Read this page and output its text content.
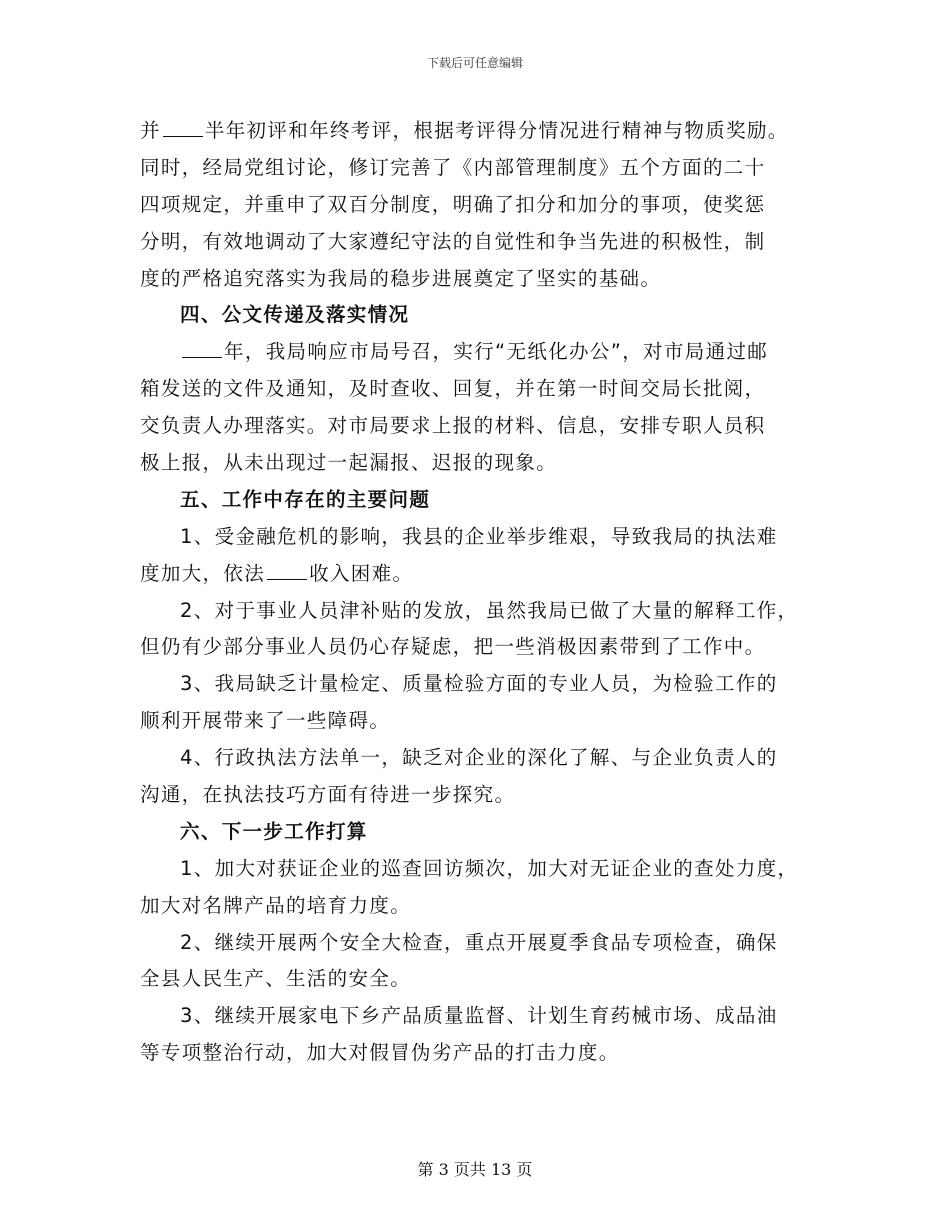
下载后可任意编辑
并 半年初评和年终考评，根据考评得分情况进行精神与物质奖励。
同时，经局党组讨论，修订完善了《内部管理制度》五个方面的二十
四项规定，并重申了双百分制度，明确了扣分和加分的事项，使奖惩
分明，有效地调动了大家遵纪守法的自觉性和争当先进的积极性，制
度的严格追究落实为我局的稳步进展奠定了坚实的基础。
四、公文传递及落实情况
年，我局响应市局号召，实行“无纸化办公”，对市局通过邮
箱发送的文件及通知，及时查收、回复，并在第一时间交局长批阅，
交负责人办理落实。对市局要求上报的材料、信息，安排专职人员积
极上报，从未出现过一起漏报、迟报的现象。
五、工作中存在的主要问题
1、受金融危机的影响，我县的企业举步维艰，导致我局的执法难
度加大，依法 收入困难。
2、对于事业人员津补贴的发放，虽然我局已做了大量的解释工作，
但仍有少部分事业人员仍心存疑虑，把一些消极因素带到了工作中。
3、我局缺乏计量检定、质量检验方面的专业人员，为检验工作的
顺利开展带来了一些障碍。
4、行政执法方法单一，缺乏对企业的深化了解、与企业负责人的
沟通，在执法技巧方面有待进一步探究。
六、下一步工作打算
1、加大对获证企业的巡查回访频次，加大对无证企业的查处力度，
加大对名牌产品的培育力度。
2、继续开展两个安全大检查，重点开展夏季食品专项检查，确保
全县人民生产、生活的安全。
3、继续开展家电下乡产品质量监督、计划生育药械市场、成品油
等专项整治行动，加大对假冒伪劣产品的打击力度。
第 3 页共 13 页
